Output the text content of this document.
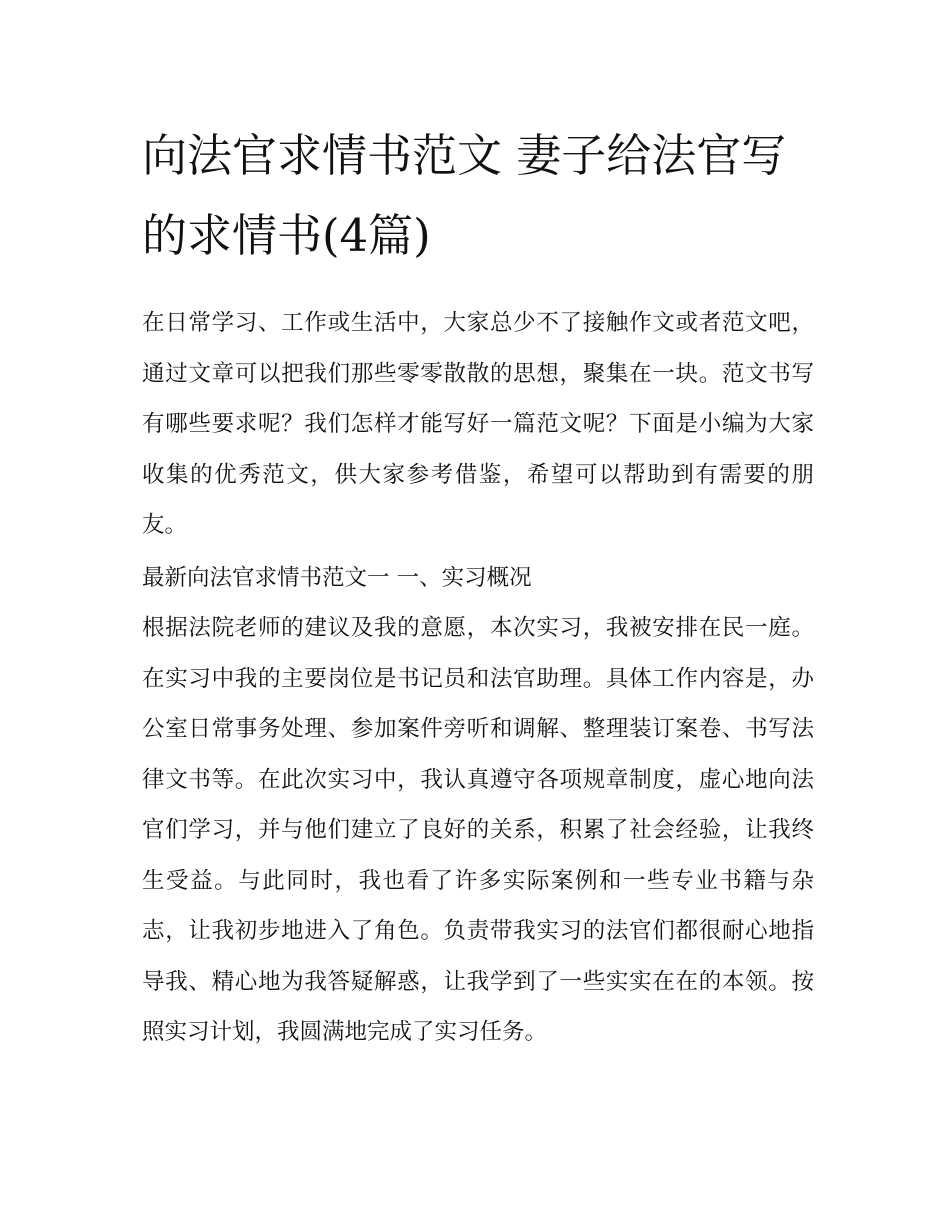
向法官求情书范文 妻子给法官写的求情书(4篇)

在日常学习、工作或生活中，大家总少不了接触作文或者范文吧，通过文章可以把我们那些零零散散的思想，聚集在一块。范文书写有哪些要求呢？我们怎样才能写好一篇范文呢？下面是小编为大家收集的优秀范文，供大家参考借鉴，希望可以帮助到有需要的朋友。

最新向法官求情书范文一 一、实习概况

根据法院老师的建议及我的意愿，本次实习，我被安排在民一庭。在实习中我的主要岗位是书记员和法官助理。具体工作内容是，办公室日常事务处理、参加案件旁听和调解、整理装订案卷、书写法律文书等。在此次实习中，我认真遵守各项规章制度，虚心地向法官们学习，并与他们建立了良好的关系，积累了社会经验，让我终生受益。与此同时，我也看了许多实际案例和一些专业书籍与杂志，让我初步地进入了角色。负责带我实习的法官们都很耐心地指导我、精心地为我答疑解惑，让我学到了一些实实在在的本领。按照实习计划，我圆满地完成了实习任务。
